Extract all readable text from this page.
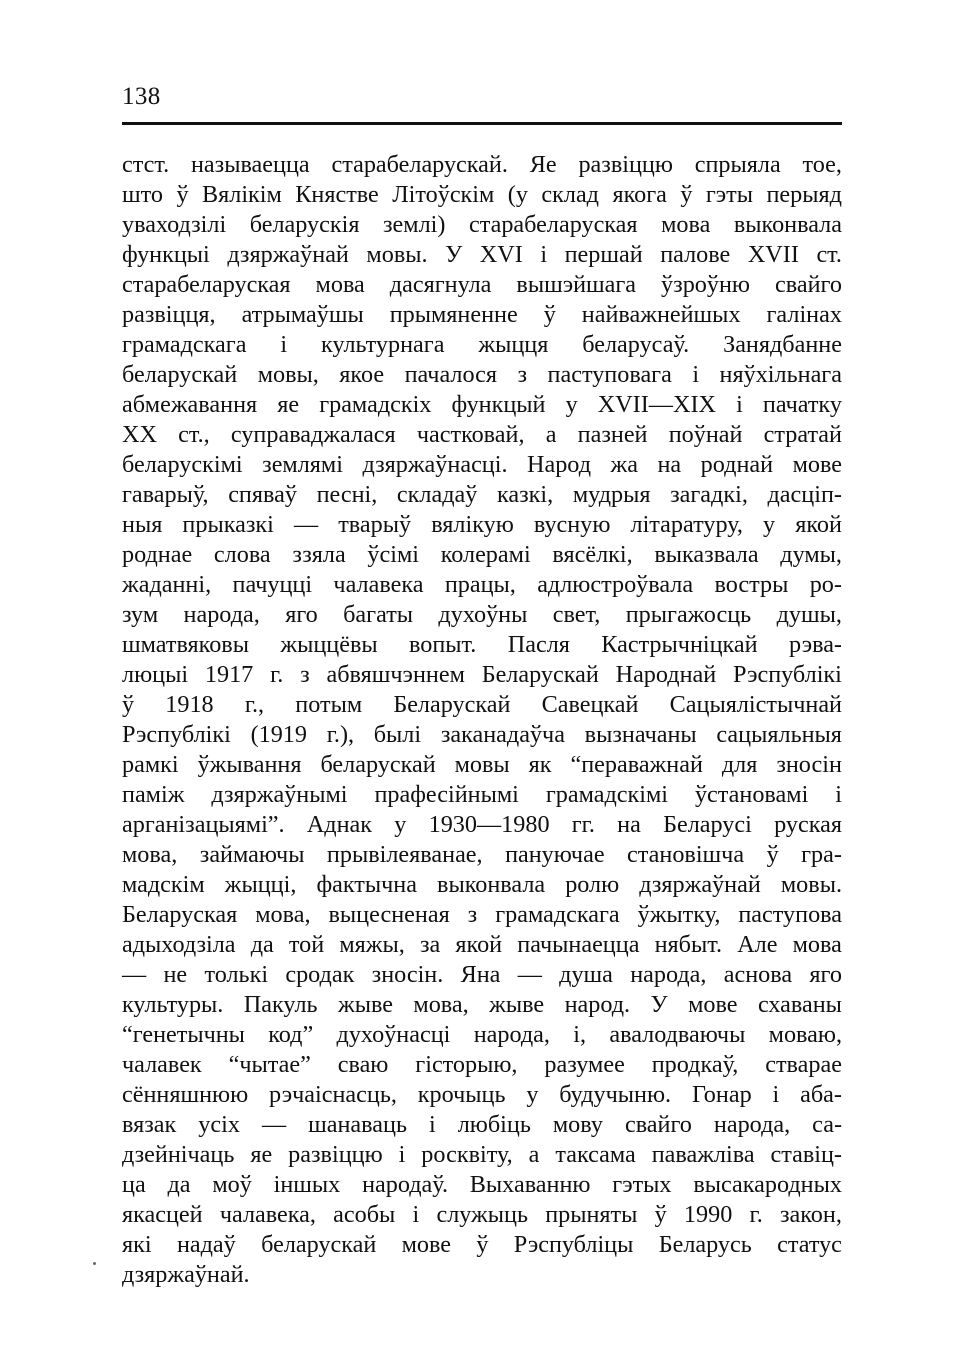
138
стст. называецца старабеларускай. Яе развіццю спрыяла тое,
што ў Вялікім Княстве Літоўскім (у склад якога ў гэты перыяд
уваходзілі беларускія землі) старабеларуская мова выконвала
функцыі дзяржаўнай мовы. У XVI і першай палове XVII ст.
старабеларуская мова дасягнула вышэйшага ўзроўню свайго
развіцця, атрымаўшы прымяненне ў найважнейшых галінах
грамадскага і культурнага жыцця беларусаў. Занядбанне
беларускай мовы, якое пачалося з паступовага і няўхільнага
абмежавання яе грамадскіх функцый у XVII—XIX і пачатку
XX ст., суправаджалася частковай, а пазней поўнай стратай
беларускімі землямі дзяржаўнасці. Народ жа на роднай мове
гаварыў, спяваў песні, складаў казкі, мудрыя загадкі, дасціп-
ныя прыказкі — тварыў вялікую вусную літаратуру, у якой
роднае слова ззяла ўсімі колерамі вясёлкі, выказвала думы,
жаданні, пачуцці чалавека працы, адлюстроўвала востры ро-
зум народа, яго багаты духоўны свет, прыгажосць душы,
шматвяковы жыццёвы вопыт. Пасля Кастрычніцкай рэва-
люцыі 1917 г. з абвяшчэннем Беларускай Народнай Рэспублікі
ў 1918 г., потым Беларускай Савецкай Сацыялістычнай
Рэспублікі (1919 г.), былі заканадаўча вызначаны сацыяльныя
рамкі ўжывання беларускай мовы як “пераважнай для зносін
паміж дзяржаўнымі прафесійнымі грамадскімі ўстановамі і
арганізацыямі”. Аднак у 1930—1980 гг. на Беларусі руская
мова, займаючы прывілеяванае, пануючае становішча ў гра-
мадскім жыцці, фактычна выконвала ролю дзяржаўнай мовы.
Беларуская мова, выцесненая з грамадскага ўжытку, паступова
адыходзіла да той мяжы, за якой пачынаецца нябыт. Але мова
— не толькі сродак зносін. Яна — душа народа, аснова яго
культуры. Пакуль жыве мова, жыве народ. У мове схаваны
“генетычны код” духоўнасці народа, і, авалодваючы моваю,
чалавек “чытае” сваю гісторыю, разумее продкаў, стварае
сённяшнюю рэчаіснасць, крочыць у будучыню. Гонар і аба-
вязак усіх — шанаваць і любіць мову свайго народа, са-
дзейнічаць яе развіццю і росквіту, а таксама паважліва ставіц-
ца да моў іншых народаў. Выхаванню гэтых высакародных
якасцей чалавека, асобы і служыць прыняты ў 1990 г. закон,
які надаў беларускай мове ў Рэспубліцы Беларусь статус
дзяржаўнай.
